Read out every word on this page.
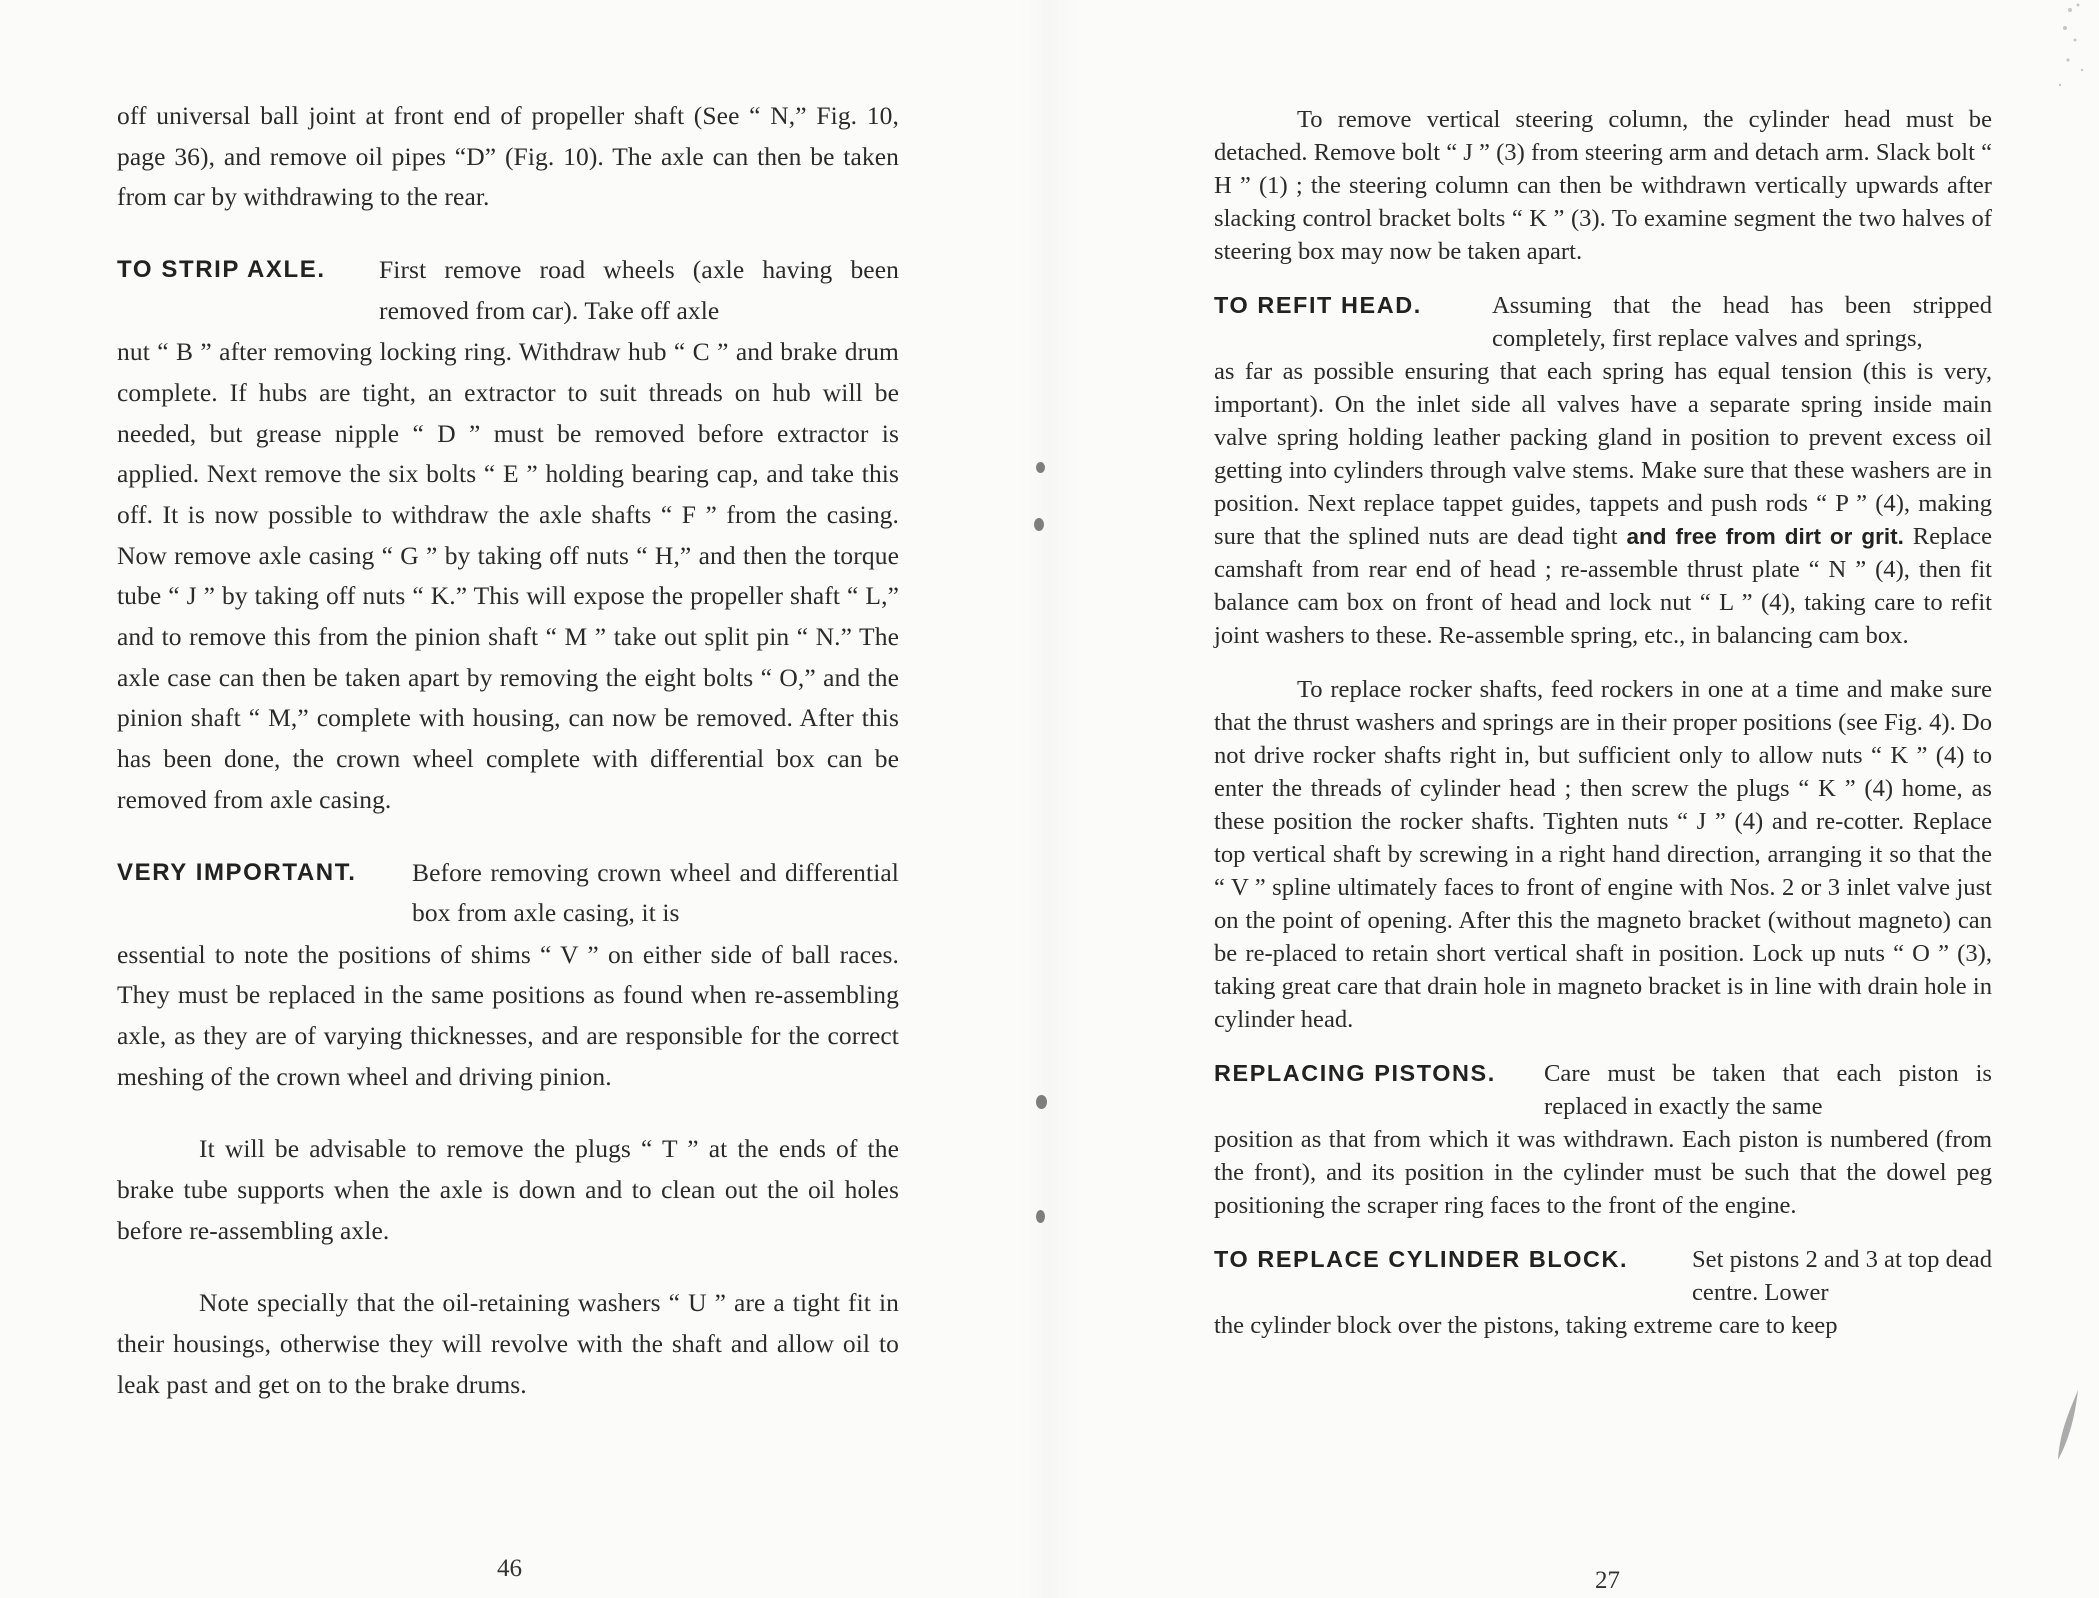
off universal ball joint at front end of propeller shaft (See “ N,” Fig. 10, page 36), and remove oil pipes “D” (Fig. 10). The axle can then be taken from car by withdrawing to the rear.

TO STRIP AXLE.	First remove road wheels (axle having been removed from car). Take off axle

nut “ B ” after removing locking ring. Withdraw hub “ C ” and brake drum complete. If hubs are tight, an extractor to suit threads on hub will be needed, but grease nipple “ D ” must be removed before extractor is applied. Next remove the six bolts “ E ” holding bearing cap, and take this off. It is now possible to withdraw the axle shafts “ F ” from the casing. Now remove axle casing “ G ” by taking off nuts “ H,” and then the torque tube “ J ” by taking off nuts “ K.” This will expose the propeller shaft “ L,” and to remove this from the pinion shaft “ M ” take out split pin “ N.” The axle case can then be taken apart by removing the eight bolts “ O,” and the pinion shaft “ M,” complete with housing, can now be removed. After this has been done, the crown wheel complete with differential box can be removed from axle casing.

VERY IMPORTANT.	Before removing crown wheel and differential box from axle casing, it is

essential to note the positions of shims “ V ” on either side of ball races. They must be replaced in the same positions as found when re-assembling axle, as they are of varying thicknesses, and are responsible for the correct meshing of the crown wheel and driving pinion.

It will be advisable to remove the plugs “ T ” at the ends of the brake tube supports when the axle is down and to clean out the oil holes before re-assembling axle.

Note specially that the oil-retaining washers “ U ” are a tight fit in their housings, otherwise they will revolve with the shaft and allow oil to leak past and get on to the brake drums.

46

To remove vertical steering column, the cylinder head must be detached. Remove bolt “ J ” (3) from steering arm and detach arm. Slack bolt “ H ” (1) ; the steering column can then be withdrawn vertically upwards after slacking control bracket bolts “ K ” (3). To examine segment the two halves of steering box may now be taken apart.

TO REFIT HEAD.	Assuming that the head has been stripped completely, first replace valves and springs,

as far as possible ensuring that each spring has equal tension (this is very, important). On the inlet side all valves have a separate spring inside main valve spring holding leather packing gland in position to prevent excess oil getting into cylinders through valve stems. Make sure that these washers are in position. Next replace tappet guides, tappets and push rods “ P ” (4), making sure that the splined nuts are dead tight and free from dirt or grit. Replace camshaft from rear end of head ; re-assemble thrust plate “ N ” (4), then fit balance cam box on front of head and lock nut “ L ” (4), taking care to refit joint washers to these. Re-assemble spring, etc., in balancing cam box.

To replace rocker shafts, feed rockers in one at a time and make sure that the thrust washers and springs are in their proper positions (see Fig. 4). Do not drive rocker shafts right in, but sufficient only to allow nuts “ K ” (4) to enter the threads of cylinder head ; then screw the plugs “ K ” (4) home, as these position the rocker shafts. Tighten nuts “ J ” (4) and re-cotter. Replace top vertical shaft by screwing in a right hand direction, arranging it so that the “ V ” spline ultimately faces to front of engine with Nos. 2 or 3 inlet valve just on the point of opening. After this the magneto bracket (without magneto) can be re-placed to retain short vertical shaft in position. Lock up nuts “ O ” (3), taking great care that drain hole in magneto bracket is in line with drain hole in cylinder head.

REPLACING PISTONS.	Care must be taken that each piston is replaced in exactly the same

position as that from which it was withdrawn. Each piston is numbered (from the front), and its position in the cylinder must be such that the dowel peg positioning the scraper ring faces to the front of the engine.

TO REPLACE CYLINDER BLOCK.	Set pistons 2 and 3 at top dead centre. Lower

the cylinder block over the pistons, taking extreme care to keep

27
